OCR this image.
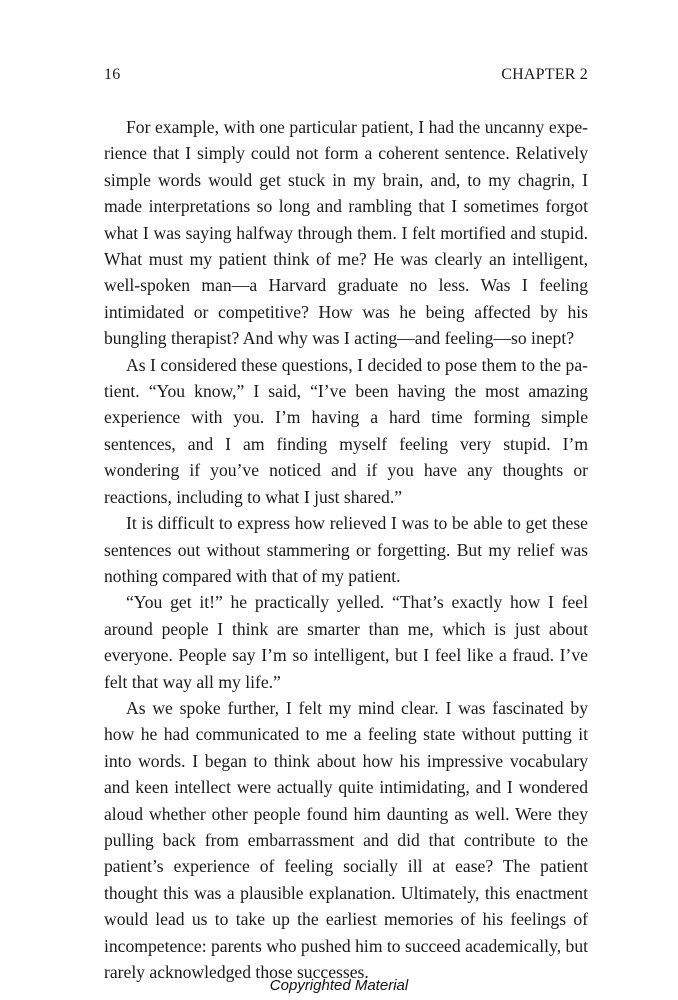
16	CHAPTER 2

For example, with one particular patient, I had the uncanny experience that I simply could not form a coherent sentence. Relatively simple words would get stuck in my brain, and, to my chagrin, I made interpretations so long and rambling that I sometimes forgot what I was saying halfway through them. I felt mortified and stupid. What must my patient think of me? He was clearly an intelligent, well-spoken man—a Harvard graduate no less. Was I feeling intimidated or competitive? How was he being affected by his bungling therapist? And why was I acting—and feeling—so inept?

As I considered these questions, I decided to pose them to the patient. “You know,” I said, “I’ve been having the most amazing experience with you. I’m having a hard time forming simple sentences, and I am finding myself feeling very stupid. I’m wondering if you’ve noticed and if you have any thoughts or reactions, including to what I just shared.”

It is difficult to express how relieved I was to be able to get these sentences out without stammering or forgetting. But my relief was nothing compared with that of my patient.

“You get it!” he practically yelled. “That’s exactly how I feel around people I think are smarter than me, which is just about everyone. People say I’m so intelligent, but I feel like a fraud. I’ve felt that way all my life.”

As we spoke further, I felt my mind clear. I was fascinated by how he had communicated to me a feeling state without putting it into words. I began to think about how his impressive vocabulary and keen intellect were actually quite intimidating, and I wondered aloud whether other people found him daunting as well. Were they pulling back from embarrassment and did that contribute to the patient’s experience of feeling socially ill at ease? The patient thought this was a plausible explanation. Ultimately, this enactment would lead us to take up the earliest memories of his feelings of incompetence: parents who pushed him to succeed academically, but rarely acknowledged those successes.

Copyrighted Material
